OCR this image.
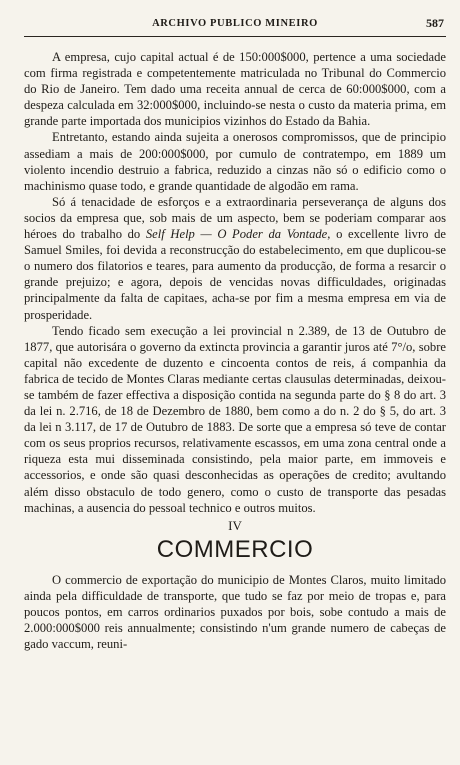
ARCHIVO PUBLICO MINEIRO	587

A empresa, cujo capital actual é de 150:000$000, pertence a uma sociedade com firma registrada e competentemente matriculada no Tribunal do Commercio do Rio de Janeiro. Tem dado uma receita annual de cerca de 60:000$000, com a despeza calculada em 32:000$000, incluindo-se nesta o custo da materia prima, em grande parte importada dos municipios vizinhos do Estado da Bahia.

Entretanto, estando ainda sujeita a onerosos compromissos, que de principio assediam a mais de 200:000$000, por cumulo de contratempo, em 1889 um violento incendio destruio a fabrica, reduzido a cinzas não só o edificio como o machinismo quase todo, e grande quantidade de algodão em rama.

Só á tenacidade de esforços e a extraordinaria perseverança de alguns dos socios da empresa que, sob mais de um aspecto, bem se poderiam comparar aos héroes do trabalho do Self Help — O Poder da Vontade, o excellente livro de Samuel Smiles, foi devida a reconstrucção do estabelecimento, em que duplicou-se o numero dos filatorios e teares, para aumento da producção, de forma a resarcir o grande prejuizo; e agora, depois de vencidas novas difficuldades, originadas principalmente da falta de capitaes, acha-se por fim a mesma empresa em via de prosperidade.

Tendo ficado sem execução a lei provincial n 2.389, de 13 de Outubro de 1877, que autorisára o governo da extincta provincia a garantir juros até 7°/o, sobre capital não excedente de duzento e cincoenta contos de reis, á companhia da fabrica de tecido de Montes Claras mediante certas clausulas determinadas, deixou-se também de fazer effectiva a disposição contida na segunda parte do § 8 do art. 3 da lei n. 2.716, de 18 de Dezembro de 1880, bem como a do n. 2 do § 5, do art. 3 da lei n 3.117, de 17 de Outubro de 1883. De sorte que a empresa só teve de contar com os seus proprios recursos, relativamente escassos, em uma zona central onde a riqueza esta mui disseminada consistindo, pela maior parte, em immoveis e accessorios, e onde são quasi desconhecidas as operações de credito; avultando além disso obstaculo de todo genero, como o custo de transporte das pesadas machinas, a ausencia do pessoal technico e outros muitos.

IV

COMMERCIO

O commercio de exportação do municipio de Montes Claros, muito limitado ainda pela difficuldade de transporte, que tudo se faz por meio de tropas e, para poucos pontos, em carros ordinarios puxados por bois, sobe contudo a mais de 2.000:000$000 reis annualmente; consistindo n'um grande numero de cabeças de gado vaccum, reuni-
